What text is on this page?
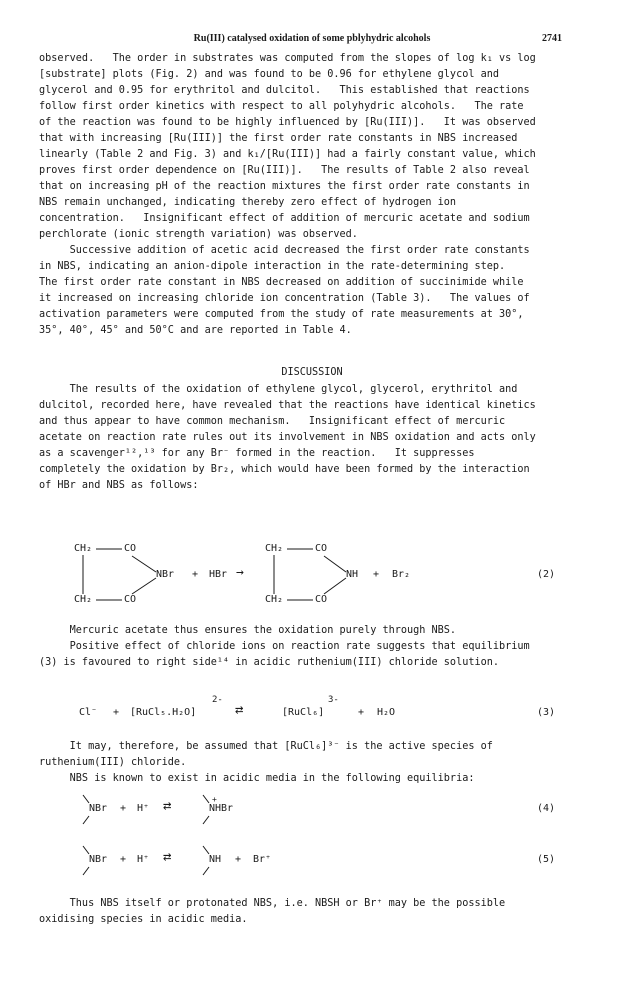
Ru(III) catalysed oxidation of some pblyhydric alcohols	2741
observed.   The order in substrates was computed from the slopes of log k₁ vs log
[substrate] plots (Fig. 2) and was found to be 0.96 for ethylene glycol and
glycerol and 0.95 for erythritol and dulcitol.   This established that reactions
follow first order kinetics with respect to all polyhydric alcohols.   The rate
of the reaction was found to be highly influenced by [Ru(III)].   It was observed
that with increasing [Ru(III)] the first order rate constants in NBS increased
linearly (Table 2 and Fig. 3) and k₁/[Ru(III)] had a fairly constant value, which
proves first order dependence on [Ru(III)].   The results of Table 2 also reveal
that on increasing pH of the reaction mixtures the first order rate constants in
NBS remain unchanged, indicating thereby zero effect of hydrogen ion
concentration.   Insignificant effect of addition of mercuric acetate and sodium
perchlorate (ionic strength variation) was observed.
Successive addition of acetic acid decreased the first order rate constants
in NBS, indicating an anion-dipole interaction in the rate-determining step.
The first order rate constant in NBS decreased on addition of succinimide while
it increased on increasing chloride ion concentration (Table 3).   The values of
activation parameters were computed from the study of rate measurements at 30°,
35°, 40°, 45° and 50°C and are reported in Table 4.
DISCUSSION
The results of the oxidation of ethylene glycol, glycerol, erythritol and
dulcitol, recorded here, have revealed that the reactions have identical kinetics
and thus appear to have common mechanism.   Insignificant effect of mercuric
acetate on reaction rate rules out its involvement in NBS oxidation and acts only
as a scavenger¹²,¹³ for any Br⁻ formed in the reaction.   It suppresses
completely the oxidation by Br₂, which would have been formed by the interaction
of HBr and NBS as follows:
CH₂	CO
CH₂	CO
NBr + HBr →
CH₂	CO
CH₂	CO
NH + Br₂	(2)
Mercuric acetate thus ensures the oxidation purely through NBS.
Positive effect of chloride ions on reaction rate suggests that equilibrium
(3) is favoured to right side¹⁴ in acidic ruthenium(III) chloride solution.
Cl⁻ + [RuCl₅.H₂O]
2-
⇄	[RuCl₆]
3-
+ H₂O	(3)
It may, therefore, be assumed that [RuCl₆]³⁻ is the active species of
ruthenium(III) chloride.
NBS is known to exist in acidic media in the following equilibria:
NBr + H⁺ ⇄	+
NHBr	(4)
NBr + H⁺ ⇄	NH + Br⁺	(5)
Thus NBS itself or protonated NBS, i.e. NBSH or Br⁺ may be the possible
oxidising species in acidic media.
